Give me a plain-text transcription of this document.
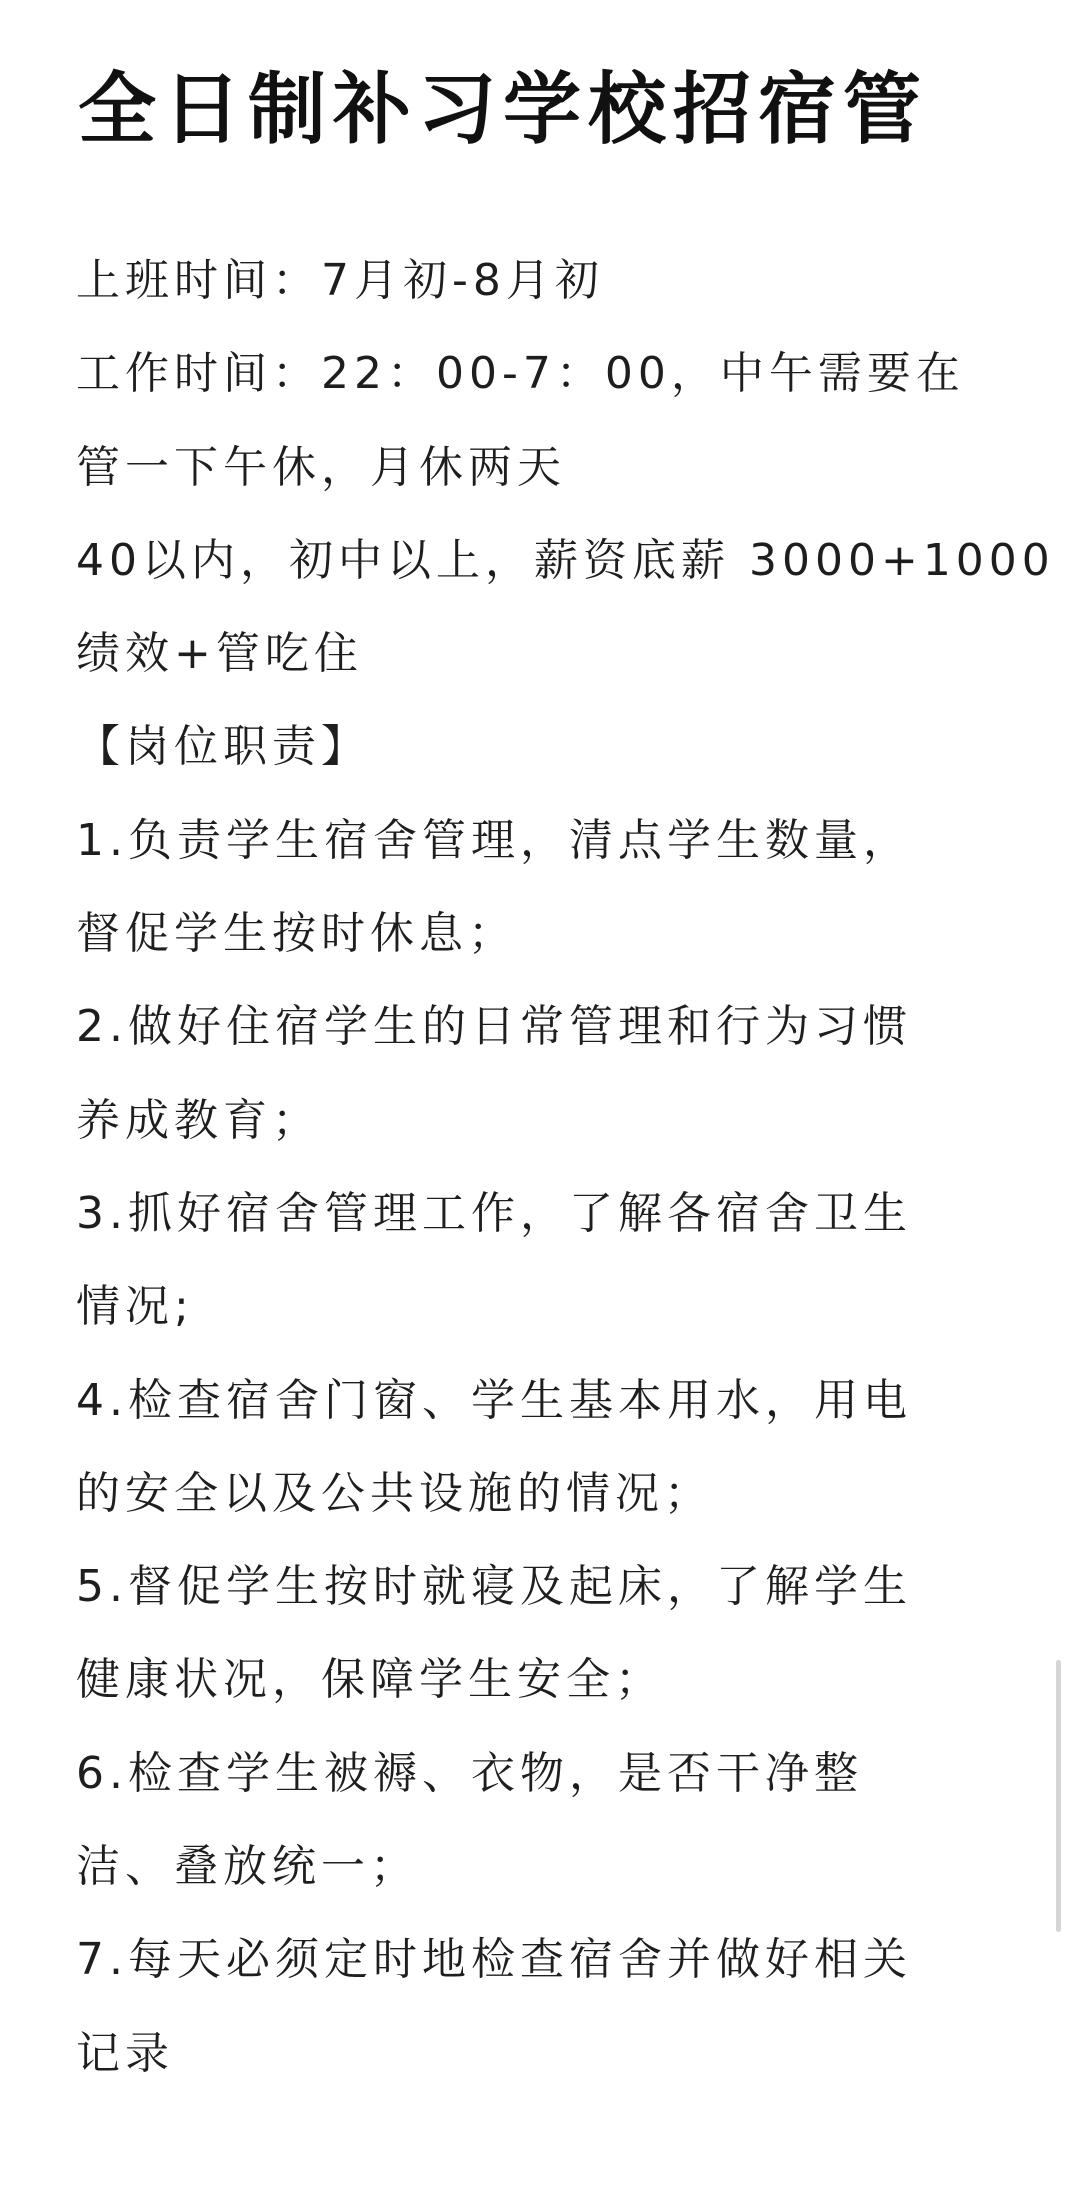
全日制补习学校招宿管
上班时间：7月初-8月初
工作时间：22：00-7：00，中午需要在
管一下午休，月休两天
40以内，初中以上，薪资底薪 3000+1000
绩效+管吃住
【岗位职责】
1.负责学生宿舍管理，清点学生数量，
督促学生按时休息；
2.做好住宿学生的日常管理和行为习惯
养成教育；
3.抓好宿舍管理工作，了解各宿舍卫生
情况;
4.检查宿舍门窗、学生基本用水，用电
的安全以及公共设施的情况；
5.督促学生按时就寝及起床，了解学生
健康状况，保障学生安全；
6.检查学生被褥、衣物，是否干净整
洁、叠放统一；
7.每天必须定时地检查宿舍并做好相关
记录
